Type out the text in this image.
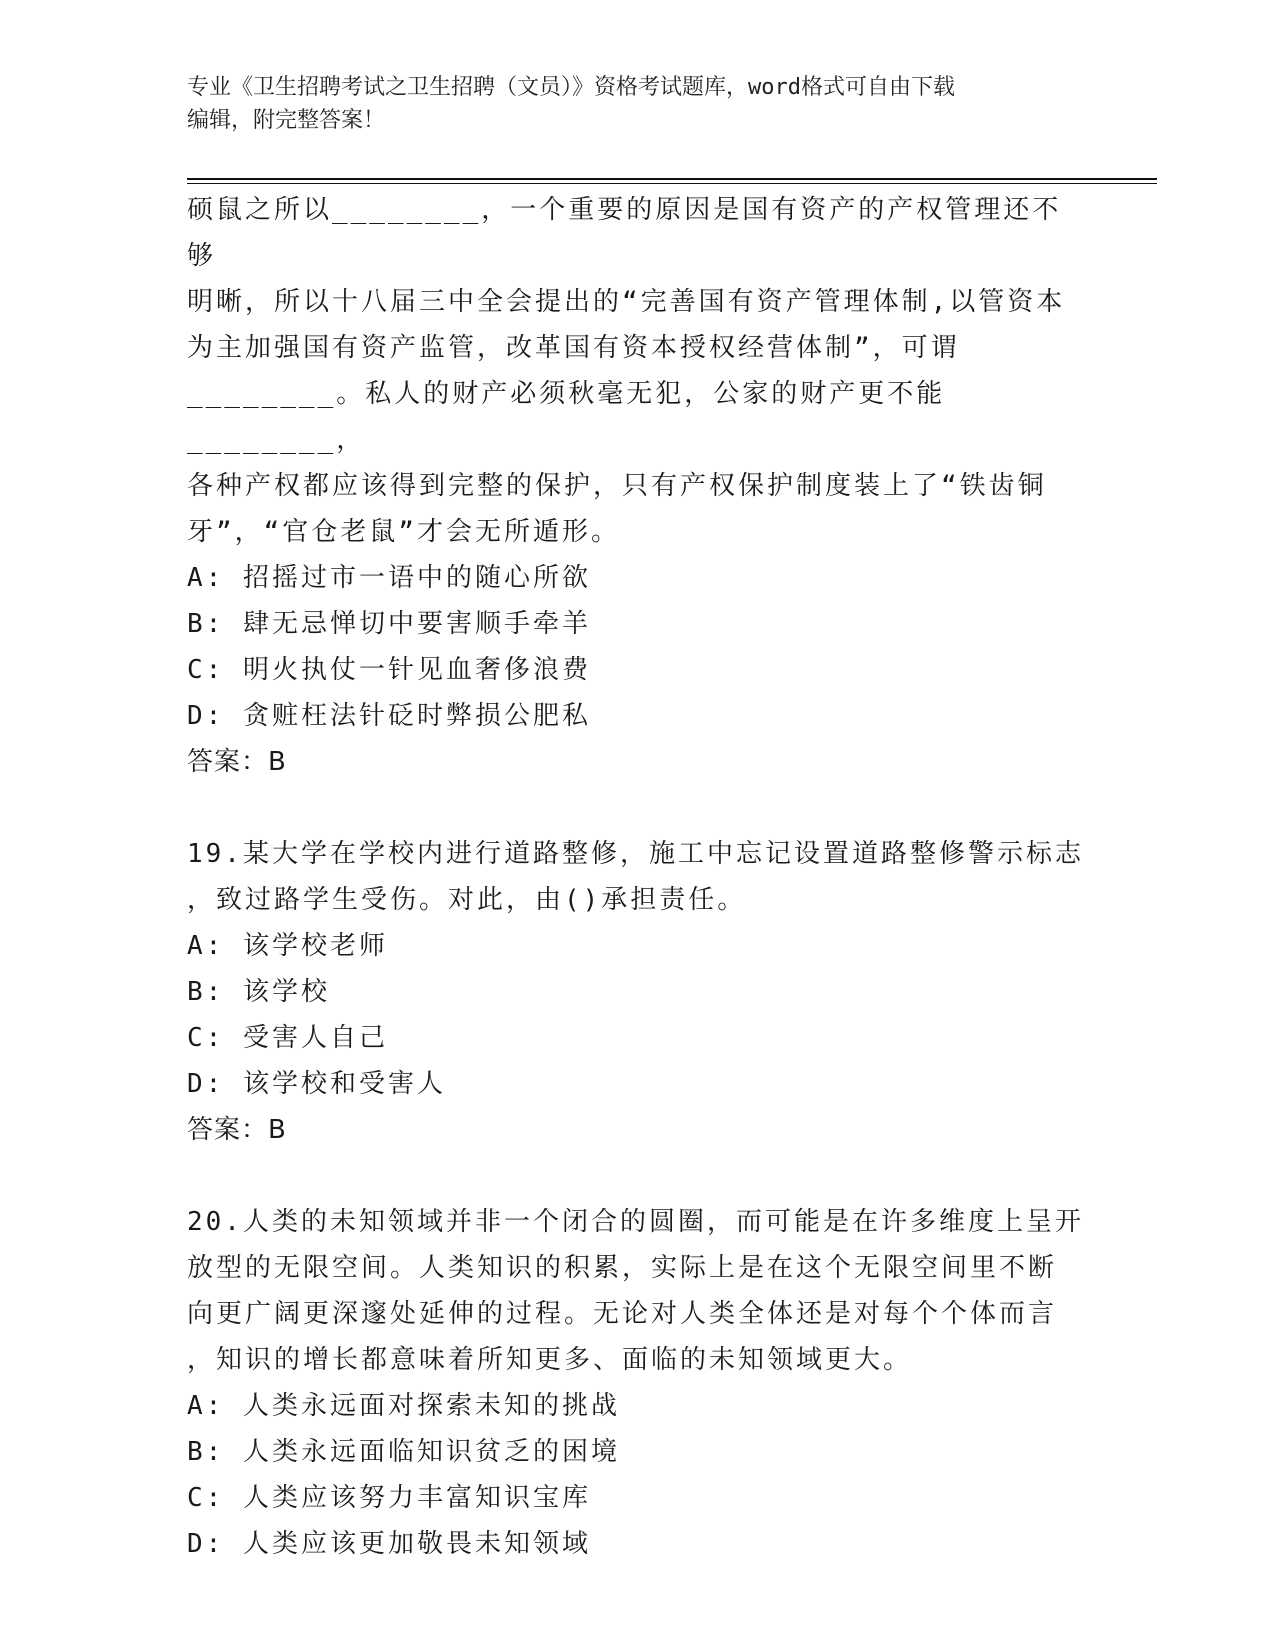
专业《卫生招聘考试之卫生招聘（文员）》资格考试题库，word格式可自由下载

编辑，附完整答案！

硕鼠之所以________，一个重要的原因是国有资产的产权管理还不够

明晰，所以十八届三中全会提出的“完善国有资产管理体制,以管资本

为主加强国有资产监管，改革国有资本授权经营体制”，可谓

________。私人的财产必须秋毫无犯，公家的财产更不能________，

各种产权都应该得到完整的保护，只有产权保护制度装上了“铁齿铜

牙”，“官仓老鼠”才会无所遁形。

A: 招摇过市一语中的随心所欲

B: 肆无忌惮切中要害顺手牵羊

C: 明火执仗一针见血奢侈浪费

D: 贪赃枉法针砭时弊损公肥私

答案：B

19.某大学在学校内进行道路整修，施工中忘记设置道路整修警示标志

，致过路学生受伤。对此，由()承担责任。

A: 该学校老师

B: 该学校

C: 受害人自己

D: 该学校和受害人

答案：B

20.人类的未知领域并非一个闭合的圆圈，而可能是在许多维度上呈开

放型的无限空间。人类知识的积累，实际上是在这个无限空间里不断

向更广阔更深邃处延伸的过程。无论对人类全体还是对每个个体而言

，知识的增长都意味着所知更多、面临的未知领域更大。

A: 人类永远面对探索未知的挑战

B: 人类永远面临知识贫乏的困境

C: 人类应该努力丰富知识宝库

D: 人类应该更加敬畏未知领域
